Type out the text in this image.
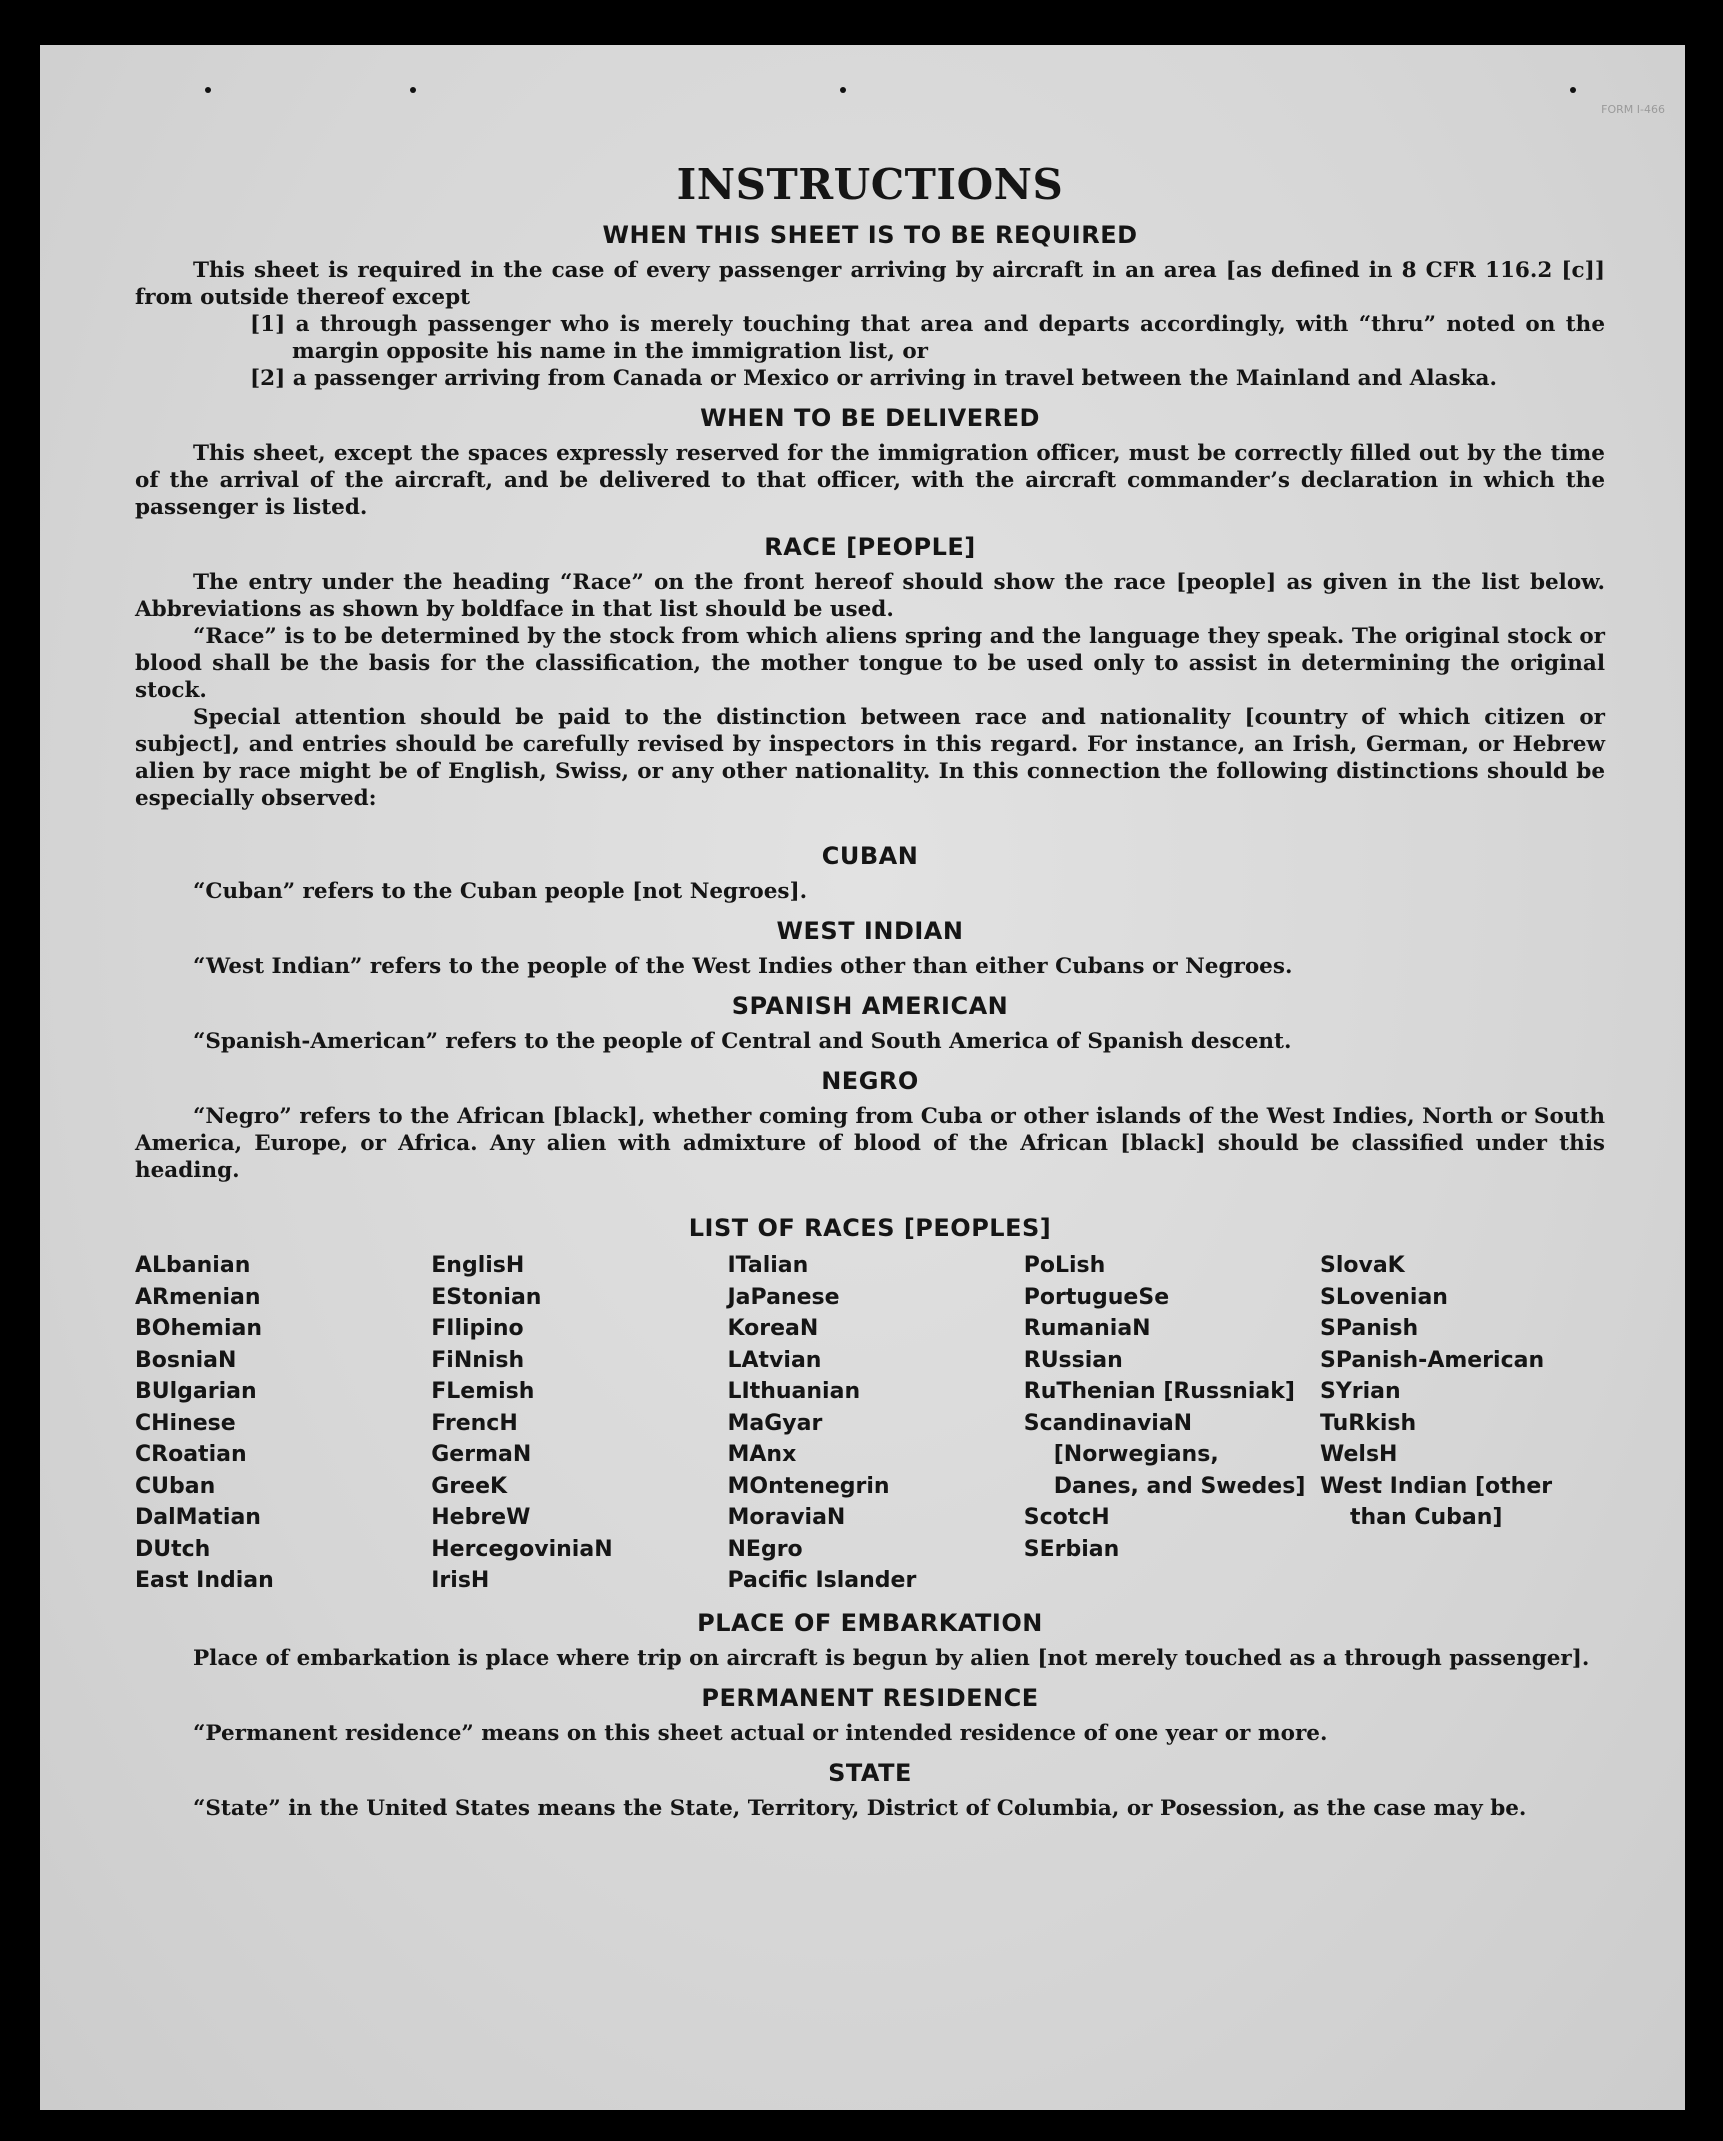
FORM I-466
INSTRUCTIONS
WHEN THIS SHEET IS TO BE REQUIRED

This sheet is required in the case of every passenger arriving by aircraft in an area [as defined in 8 CFR 116.2 [c]] from outside thereof except

[1] a through passenger who is merely touching that area and departs accordingly, with “thru” noted on the margin opposite his name in the immigration list, or
[2] a passenger arriving from Canada or Mexico or arriving in travel between the Mainland and Alaska.
WHEN TO BE DELIVERED

This sheet, except the spaces expressly reserved for the immigration officer, must be correctly filled out by the time of the arrival of the aircraft, and be delivered to that officer, with the aircraft commander’s declaration in which the passenger is listed.

RACE [PEOPLE]

The entry under the heading “Race” on the front hereof should show the race [people] as given in the list below. Abbreviations as shown by boldface in that list should be used.

“Race” is to be determined by the stock from which aliens spring and the language they speak. The original stock or blood shall be the basis for the classification, the mother tongue to be used only to assist in determining the original stock.

Special attention should be paid to the distinction between race and nationality [country of which citizen or subject], and entries should be carefully revised by inspectors in this regard. For instance, an Irish, German, or Hebrew alien by race might be of English, Swiss, or any other nationality. In this connection the following distinctions should be especially observed:

CUBAN

“Cuban” refers to the Cuban people [not Negroes].

WEST INDIAN

“West Indian” refers to the people of the West Indies other than either Cubans or Negroes.

SPANISH AMERICAN

“Spanish-American” refers to the people of Central and South America of Spanish descent.

NEGRO

“Negro” refers to the African [black], whether coming from Cuba or other islands of the West Indies, North or South America, Europe, or Africa. Any alien with admixture of blood of the African [black] should be classified under this heading.

LIST OF RACES [PEOPLES]
ALbanian
ARmenian
BOhemian
BosniaN
BUlgarian
CHinese
CRoatian
CUban
DalMatian
DUtch
East Indian
EnglisH
EStonian
FIlipino
FiNnish
FLemish
FrencH
GermaN
GreeK
HebreW
HercegoviniaN
IrisH
ITalian
JaPanese
KoreaN
LAtvian
LIthuanian
MaGyar
MAnx
MOntenegrin
MoraviaN
NEgro
Pacific Islander
PoLish
PortugueSe
RumaniaN
RUssian
RuThenian [Russniak]
ScandinaviaN [Norwegians, Danes, and Swedes]
ScotcH
SErbian
SlovaK
SLovenian
SPanish
SPanish-American
SYrian
TuRkish
WelsH
West Indian [other than Cuban]
PLACE OF EMBARKATION

Place of embarkation is place where trip on aircraft is begun by alien [not merely touched as a through passenger].

PERMANENT RESIDENCE

“Permanent residence” means on this sheet actual or intended residence of one year or more.

STATE

“State” in the United States means the State, Territory, District of Columbia, or Posession, as the case may be.
